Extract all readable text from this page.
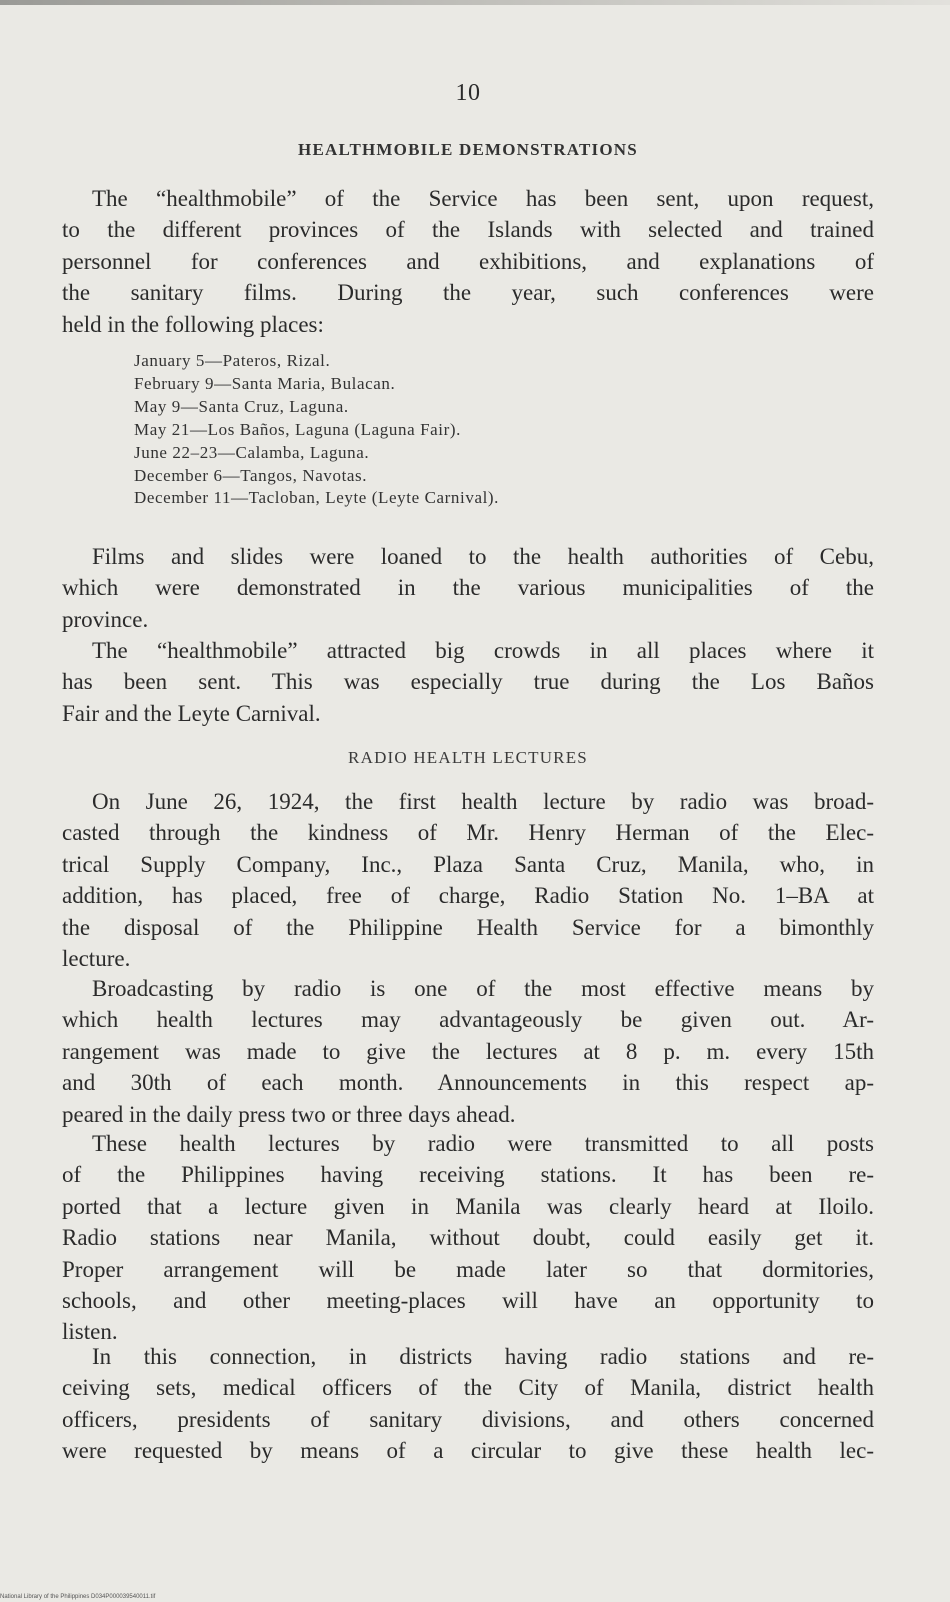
10
HEALTHMOBILE DEMONSTRATIONS

The “healthmobile” of the Service has been sent, upon request,
to the different provinces of the Islands with selected and trained
personnel for conferences and exhibitions, and explanations of
the sanitary films. During the year, such conferences were
held in the following places:

January 5—Pateros, Rizal.
February 9—Santa Maria, Bulacan.
May 9—Santa Cruz, Laguna.
May 21—Los Baños, Laguna (Laguna Fair).
June 22–23—Calamba, Laguna.
December 6—Tangos, Navotas.
December 11—Tacloban, Leyte (Leyte Carnival).

Films and slides were loaned to the health authorities of Cebu,
which were demonstrated in the various municipalities of the
province.

The “healthmobile” attracted big crowds in all places where it
has been sent. This was especially true during the Los Baños
Fair and the Leyte Carnival.

RADIO HEALTH LECTURES

On June 26, 1924, the first health lecture by radio was broad-
casted through the kindness of Mr. Henry Herman of the Elec-
trical Supply Company, Inc., Plaza Santa Cruz, Manila, who, in
addition, has placed, free of charge, Radio Station No. 1–BA at
the disposal of the Philippine Health Service for a bimonthly
lecture.

Broadcasting by radio is one of the most effective means by
which health lectures may advantageously be given out. Ar-
rangement was made to give the lectures at 8 p. m. every 15th
and 30th of each month. Announcements in this respect ap-
peared in the daily press two or three days ahead.

These health lectures by radio were transmitted to all posts
of the Philippines having receiving stations. It has been re-
ported that a lecture given in Manila was clearly heard at Iloilo.
Radio stations near Manila, without doubt, could easily get it.
Proper arrangement will be made later so that dormitories,
schools, and other meeting-places will have an opportunity to
listen.

In this connection, in districts having radio stations and re-
ceiving sets, medical officers of the City of Manila, district health
officers, presidents of sanitary divisions, and others concerned
were requested by means of a circular to give these health lec-

National Library of the Philippines D034P000039540011.tif
